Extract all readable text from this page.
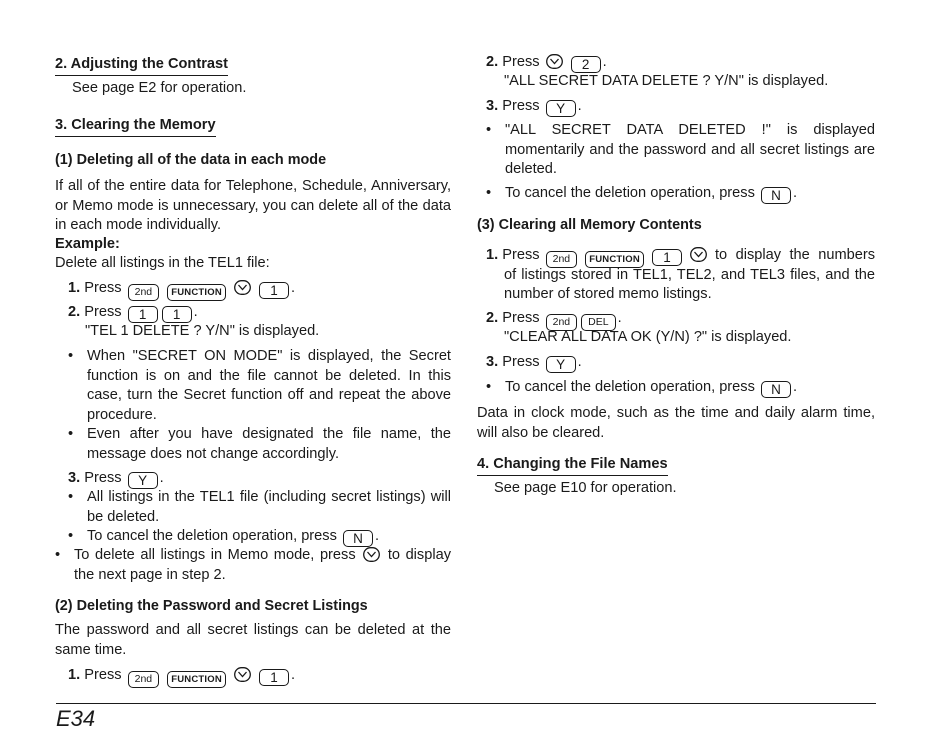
2. Adjusting the Contrast
See page E2 for operation.
3. Clearing the Memory
(1) Deleting all of the data in each mode
If all of the entire data for Telephone, Schedule, Anniversary, or Memo mode is unnecessary, you can delete all of the data in each mode individually.
Example:
Delete all listings in the TEL1 file:
1. Press 2nd FUNCTION	1 .
2. Press 1 1 .
"TEL 1 DELETE ? Y/N" is displayed.
• When "SECRET ON MODE" is displayed, the Secret function is on and the file cannot be deleted. In this case, turn the Secret function off and repeat the above procedure.
• Even after you have designated the file name, the message does not change accordingly.
3. Press Y .
• All listings in the TEL1 file (including secret listings) will be deleted.
• To cancel the deletion operation, press N .
• To delete all listings in Memo mode, press to display the next page in step 2.
(2) Deleting the Password and Secret Listings
The password and all secret listings can be deleted at the same time.
1. Press 2nd FUNCTION	1 .
2. Press	2 .
"ALL SECRET DATA DELETE ? Y/N" is displayed.
3. Press Y .
• "ALL SECRET DATA DELETED !" is displayed momentarily and the password and all secret listings are deleted.
• To cancel the deletion operation, press N .
(3) Clearing all Memory Contents
1. Press 2nd FUNCTION 1	to display the numbers of listings stored in TEL1, TEL2, and TEL3 files, and the number of stored memo listings.
2. Press 2nd DEL .
"CLEAR ALL DATA OK (Y/N) ?" is displayed.
3. Press Y .
• To cancel the deletion operation, press N .
Data in clock mode, such as the time and daily alarm time, will also be cleared.
4. Changing the File Names
See page E10 for operation.
E34
